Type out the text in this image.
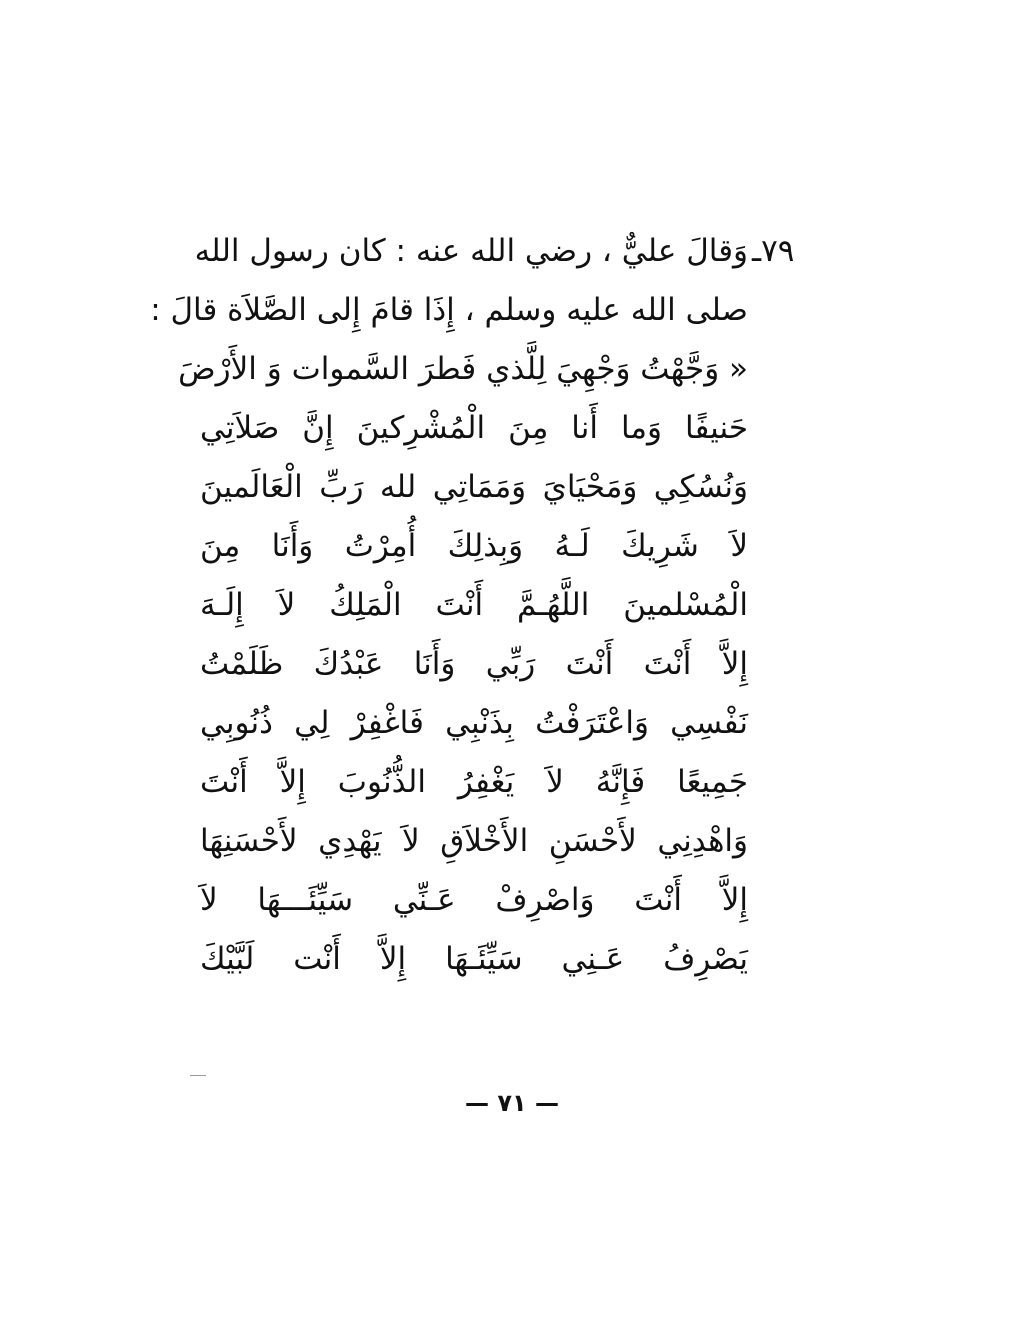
٧٩ـ
وَقالَ عليٌّ ، رضي الله عنه : كان رسول الله
صلى الله عليه وسلم ، إِذَا قامَ إِلى الصَّلاَة قالَ :
« وَجَّهْتُ وَجْهِيَ لِلَّذي فَطرَ السَّموات وَ الأَرْضَ
حَنيفًا وَما أَنا مِنَ الْمُشْرِكينَ إِنَّ صَلاَتِي
وَنُسُكِي وَمَحْيَايَ وَمَمَاتِي لله رَبِّ الْعَالَمينَ
لاَ شَرِيكَ لَـهُ وَبِذلِكَ أُمِرْتُ وَأَنَا مِنَ
الْمُسْلمينَ اللَّهُـمَّ أَنْتَ الْمَلِكُ لاَ إِلَـهَ
إِلاَّ أَنْتَ أَنْتَ رَبِّي وَأَنَا عَبْدُكَ ظَلَمْتُ
نَفْسِي وَاعْتَرَفْتُ بِذَنْبِي فَاغْفِرْ لِي ذُنُوبِي
جَمِيعًا فَإِنَّهُ لاَ يَغْفِرُ الذُّنُوبَ إِلاَّ أَنْتَ
وَاهْدِنِي لأَحْسَنِ الأَخْلاَقِ لاَ يَهْدِي لأَحْسَنِهَا
إِلاَّ أَنْتَ وَاصْرِفْ عَـنِّي سَيِّئَـــهَا لاَ
يَصْرِفُ عَـنِي سَيِّئَـهَا إِلاَّ أَنْت لَبَّيْكَ
— ٧١ —
